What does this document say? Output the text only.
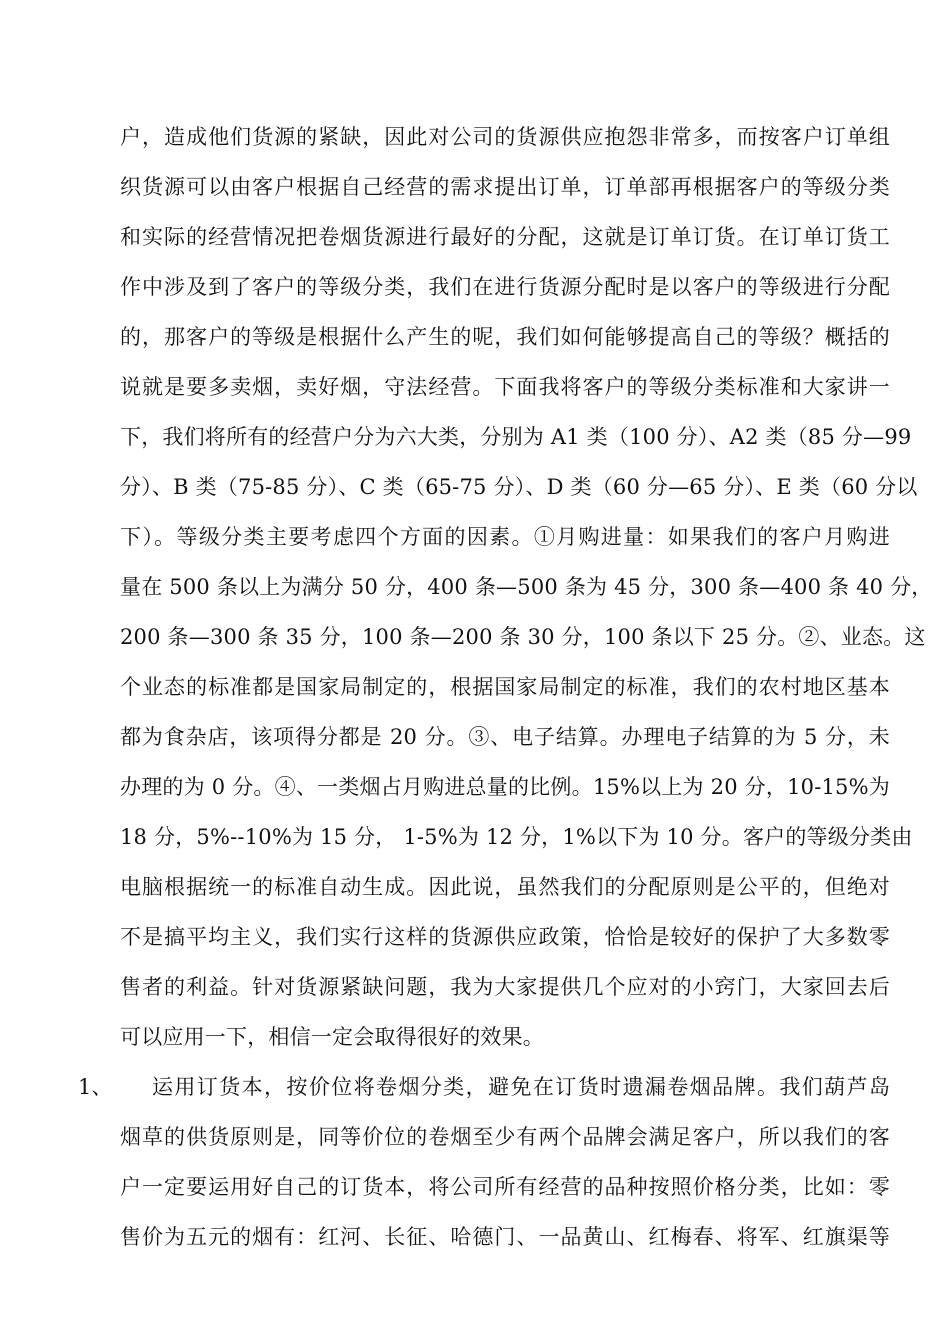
户，造成他们货源的紧缺，因此对公司的货源供应抱怨非常多，而按客户订单组
织货源可以由客户根据自己经营的需求提出订单，订单部再根据客户的等级分类
和实际的经营情况把卷烟货源进行最好的分配，这就是订单订货。在订单订货工
作中涉及到了客户的等级分类，我们在进行货源分配时是以客户的等级进行分配
的，那客户的等级是根据什么产生的呢，我们如何能够提高自己的等级？概括的
说就是要多卖烟，卖好烟，守法经营。下面我将客户的等级分类标准和大家讲一
下，我们将所有的经营户分为六大类，分别为 A1 类（100 分）、A2 类（85 分—99
分）、B 类（75-85 分）、C 类（65-75 分）、D 类（60 分—65 分）、E 类（60 分以
下）。等级分类主要考虑四个方面的因素。①月购进量：如果我们的客户月购进
量在 500 条以上为满分 50 分，400 条—500 条为 45 分，300 条—400 条 40 分，
200 条—300 条 35 分，100 条—200 条 30 分，100 条以下 25 分。②、业态。这
个业态的标准都是国家局制定的，根据国家局制定的标准，我们的农村地区基本
都为食杂店，该项得分都是 20 分。③、电子结算。办理电子结算的为 5 分，未
办理的为 0 分。④、一类烟占月购进总量的比例。15%以上为 20 分，10-15%为
18 分，5%--10%为 15 分， 1-5%为 12 分，1%以下为 10 分。客户的等级分类由
电脑根据统一的标准自动生成。因此说，虽然我们的分配原则是公平的，但绝对
不是搞平均主义，我们实行这样的货源供应政策，恰恰是较好的保护了大多数零
售者的利益。针对货源紧缺问题，我为大家提供几个应对的小窍门，大家回去后
可以应用一下，相信一定会取得很好的效果。
1、 运用订货本，按价位将卷烟分类，避免在订货时遗漏卷烟品牌。我们葫芦岛
烟草的供货原则是，同等价位的卷烟至少有两个品牌会满足客户，所以我们的客
户一定要运用好自己的订货本，将公司所有经营的品种按照价格分类，比如：零
售价为五元的烟有：红河、长征、哈德门、一品黄山、红梅春、将军、红旗渠等
